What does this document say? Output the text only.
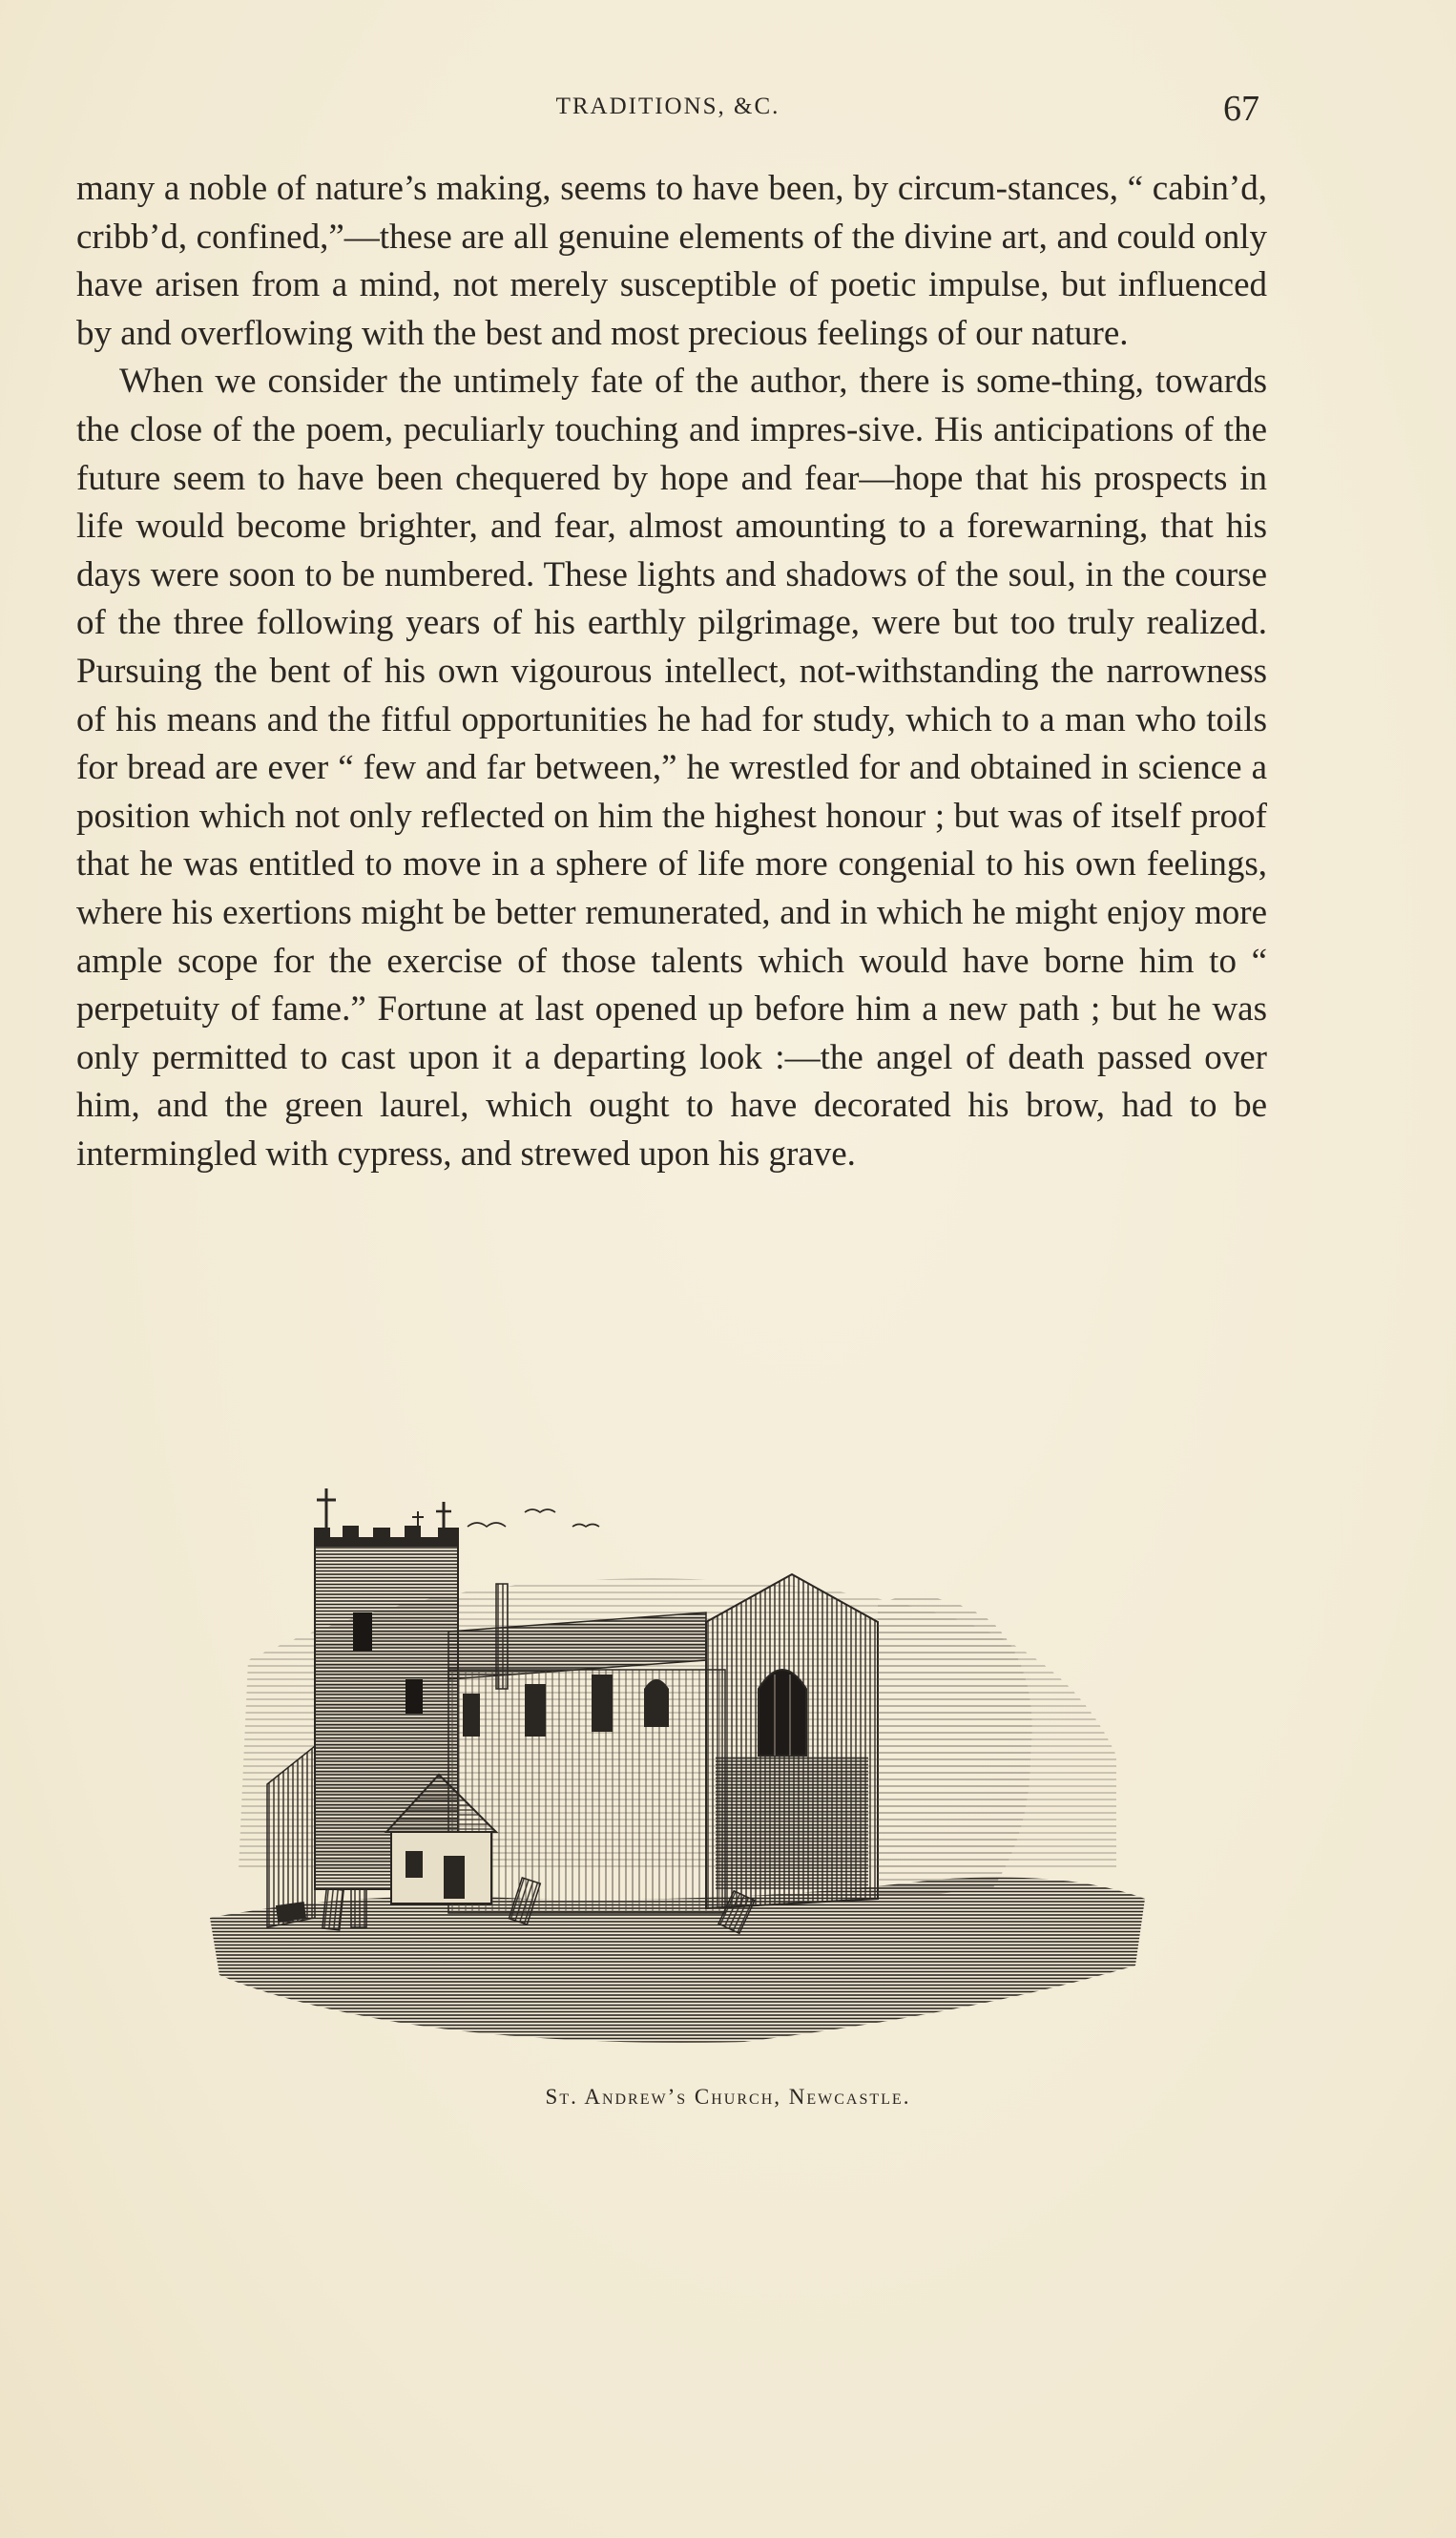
TRADITIONS, &C.	67

many a noble of nature’s making, seems to have been, by circum-stances, “ cabin’d, cribb’d, confined,”—these are all genuine elements of the divine art, and could only have arisen from a mind, not merely susceptible of poetic impulse, but influenced by and overflowing with the best and most precious feelings of our nature.

When we consider the untimely fate of the author, there is some-thing, towards the close of the poem, peculiarly touching and impres-sive. His anticipations of the future seem to have been chequered by hope and fear—hope that his prospects in life would become brighter, and fear, almost amounting to a forewarning, that his days were soon to be numbered. These lights and shadows of the soul, in the course of the three following years of his earthly pilgrimage, were but too truly realized. Pursuing the bent of his own vigourous intellect, not-withstanding the narrowness of his means and the fitful opportunities he had for study, which to a man who toils for bread are ever “ few and far between,” he wrestled for and obtained in science a position which not only reflected on him the highest honour ; but was of itself proof that he was entitled to move in a sphere of life more congenial to his own feelings, where his exertions might be better remunerated, and in which he might enjoy more ample scope for the exercise of those talents which would have borne him to “ perpetuity of fame.” Fortune at last opened up before him a new path ; but he was only permitted to cast upon it a departing look :—the angel of death passed over him, and the green laurel, which ought to have decorated his brow, had to be intermingled with cypress, and strewed upon his grave.

St. Andrew’s Church, Newcastle.
